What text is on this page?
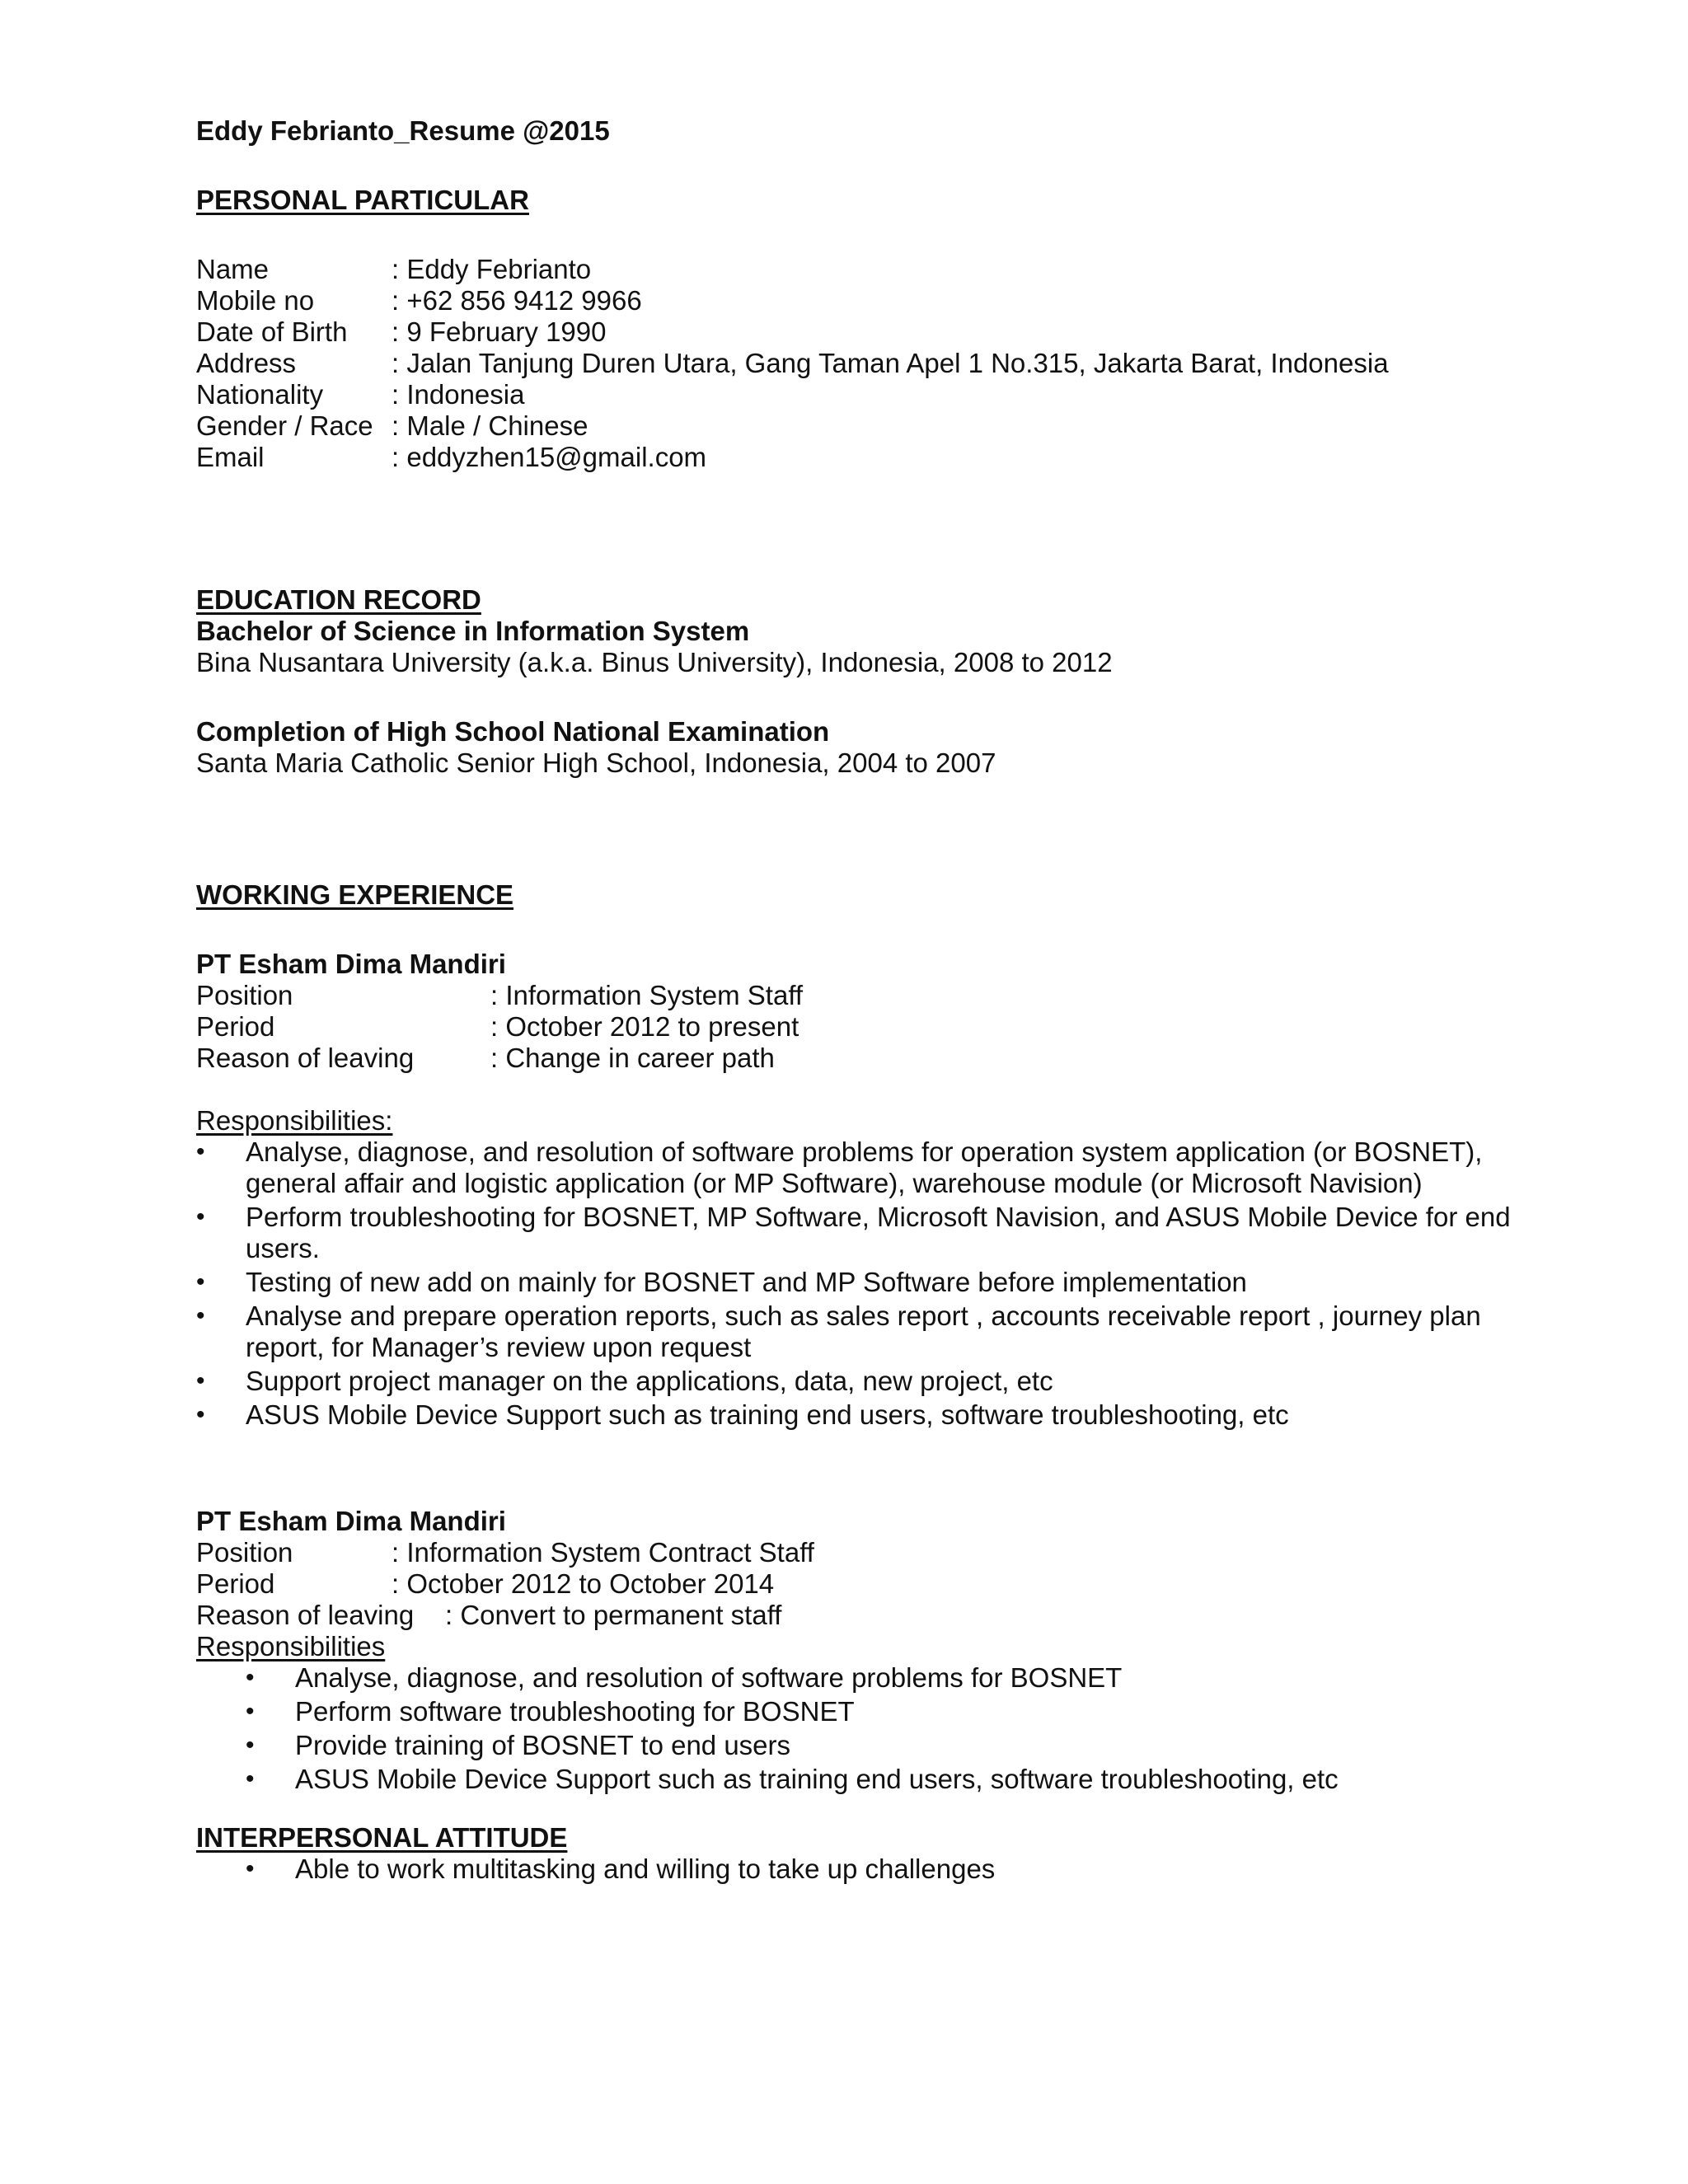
Eddy Febrianto_Resume @2015
PERSONAL PARTICULAR
Name	: Eddy Febrianto
Mobile no	: +62 856 9412 9966
Date of Birth	: 9 February 1990
Address	: Jalan Tanjung Duren Utara, Gang Taman Apel 1 No.315, Jakarta Barat, Indonesia
Nationality	: Indonesia
Gender / Race	: Male / Chinese
Email	: eddyzhen15@gmail.com
EDUCATION RECORD
Bachelor of Science in Information System
Bina Nusantara University (a.k.a. Binus University), Indonesia, 2008 to 2012
Completion of High School National Examination
Santa Maria Catholic Senior High School, Indonesia, 2004 to 2007
WORKING EXPERIENCE
PT Esham Dima Mandiri
Position	: Information System Staff
Period	: October 2012 to present
Reason of leaving	: Change in career path
Responsibilities:
• Analyse, diagnose, and resolution of software problems for operation system application (or BOSNET), general affair and logistic application (or MP Software), warehouse module (or Microsoft Navision)
• Perform troubleshooting for BOSNET, MP Software, Microsoft Navision, and ASUS Mobile Device for end users.
• Testing of new add on mainly for BOSNET and MP Software before implementation
• Analyse and prepare operation reports, such as sales report , accounts receivable report , journey plan report, for Manager’s review upon request
• Support project manager on the applications, data, new project, etc
• ASUS Mobile Device Support such as training end users, software troubleshooting, etc
PT Esham Dima Mandiri
Position	: Information System Contract Staff
Period	: October 2012 to October 2014
Reason of leaving	: Convert to permanent staff
Responsibilities
• Analyse, diagnose, and resolution of software problems for BOSNET
• Perform software troubleshooting for BOSNET
• Provide training of BOSNET to end users
• ASUS Mobile Device Support such as training end users, software troubleshooting, etc
INTERPERSONAL ATTITUDE
• Able to work multitasking and willing to take up challenges
